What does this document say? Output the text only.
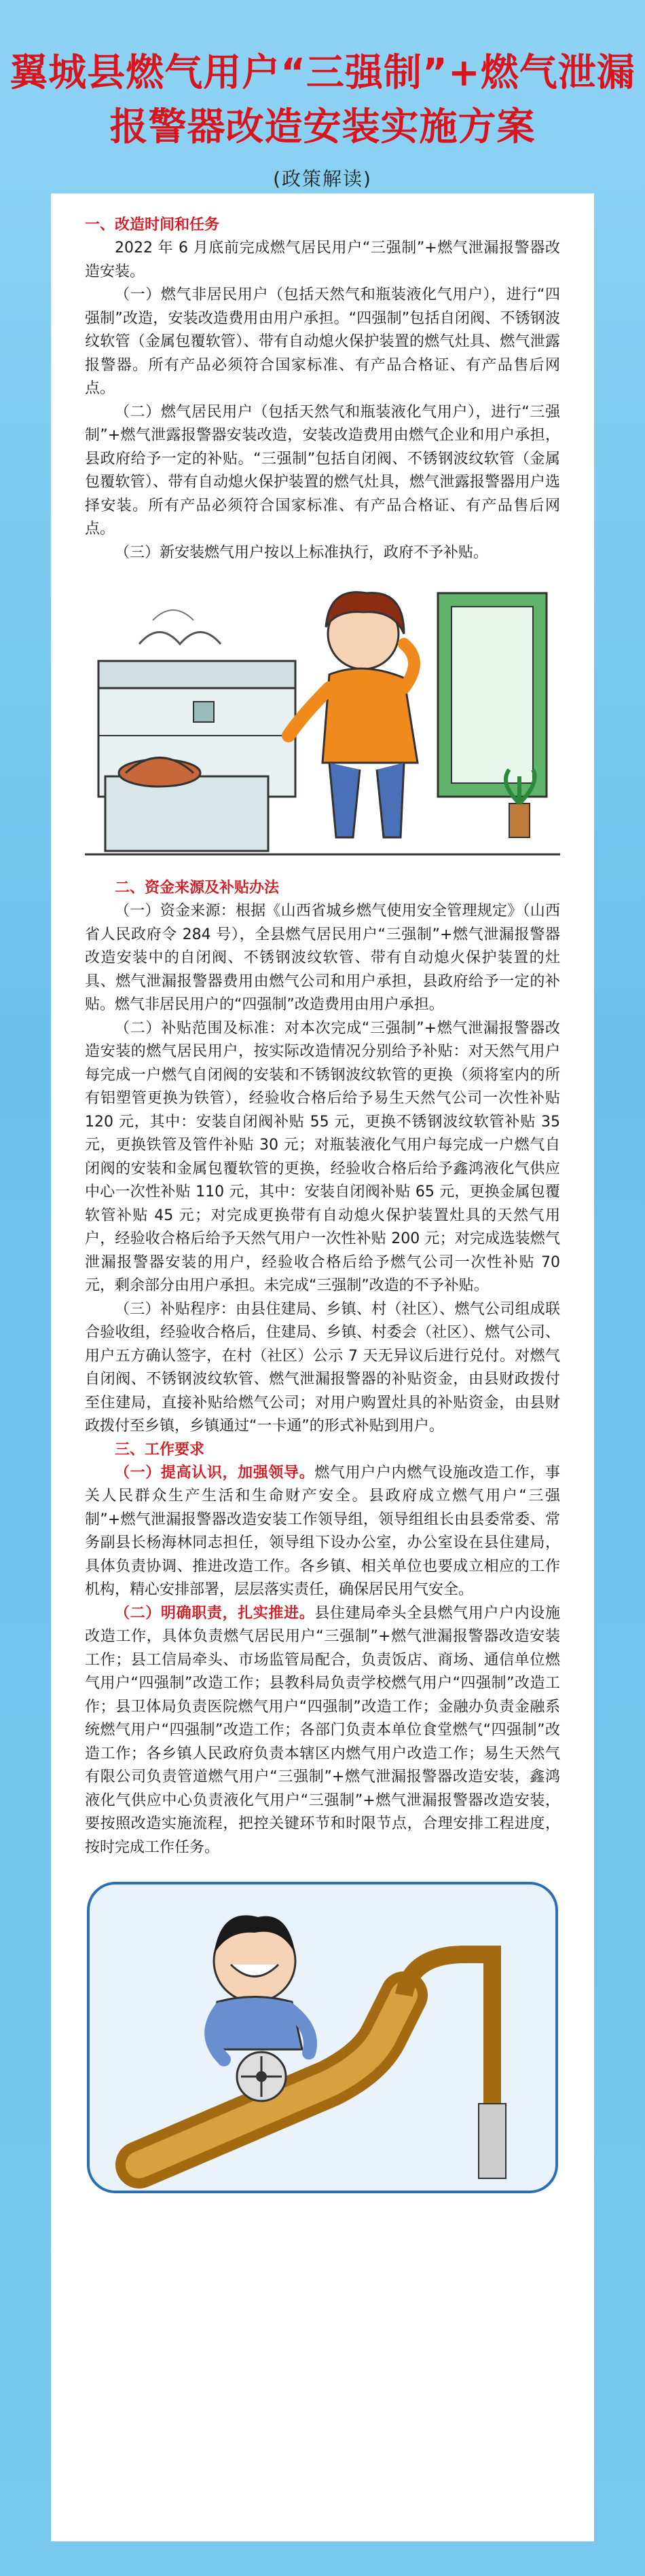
翼城县燃气用户“三强制”+燃气泄漏
报警器改造安装实施方案
(政策解读)
一、改造时间和任务

2022 年 6 月底前完成燃气居民用户“三强制”+燃气泄漏报警器改造安装。

（一）燃气非居民用户（包括天然气和瓶装液化气用户），进行“四强制”改造，安装改造费用由用户承担。“四强制”包括自闭阀、不锈钢波纹软管（金属包覆软管）、带有自动熄火保护装置的燃气灶具、燃气泄露报警器。所有产品必须符合国家标准、有产品合格证、有产品售后网点。

（二）燃气居民用户（包括天然气和瓶装液化气用户），进行“三强制”+燃气泄露报警器安装改造，安装改造费用由燃气企业和用户承担，县政府给予一定的补贴。“三强制”包括自闭阀、不锈钢波纹软管（金属包覆软管）、带有自动熄火保护装置的燃气灶具，燃气泄露报警器用户选择安装。所有产品必须符合国家标准、有产品合格证、有产品售后网点。

（三）新安装燃气用户按以上标准执行，政府不予补贴。

二、资金来源及补贴办法

（一）资金来源：根据《山西省城乡燃气使用安全管理规定》（山西省人民政府令 284 号），全县燃气居民用户“三强制”+燃气泄漏报警器改造安装中的自闭阀、不锈钢波纹软管、带有自动熄火保护装置的灶具、燃气泄漏报警器费用由燃气公司和用户承担，县政府给予一定的补贴。燃气非居民用户的“四强制”改造费用由用户承担。

（二）补贴范围及标准：对本次完成“三强制”+燃气泄漏报警器改造安装的燃气居民用户，按实际改造情况分别给予补贴：对天然气用户每完成一户燃气自闭阀的安装和不锈钢波纹软管的更换（须将室内的所有铝塑管更换为铁管），经验收合格后给予易生天然气公司一次性补贴 120 元，其中：安装自闭阀补贴 55 元，更换不锈钢波纹软管补贴 35 元，更换铁管及管件补贴 30 元；对瓶装液化气用户每完成一户燃气自闭阀的安装和金属包覆软管的更换，经验收合格后给予鑫鸿液化气供应中心一次性补贴 110 元，其中：安装自闭阀补贴 65 元，更换金属包覆软管补贴 45 元；对完成更换带有自动熄火保护装置灶具的天然气用户，经验收合格后给予天然气用户一次性补贴 200 元；对完成选装燃气泄漏报警器安装的用户，经验收合格后给予燃气公司一次性补贴 70 元，剩余部分由用户承担。未完成“三强制”改造的不予补贴。

（三）补贴程序：由县住建局、乡镇、村（社区）、燃气公司组成联合验收组，经验收合格后，住建局、乡镇、村委会（社区）、燃气公司、用户五方确认签字，在村（社区）公示 7 天无异议后进行兑付。对燃气自闭阀、不锈钢波纹软管、燃气泄漏报警器的补贴资金，由县财政拨付至住建局，直接补贴给燃气公司；对用户购置灶具的补贴资金，由县财政拨付至乡镇，乡镇通过“一卡通”的形式补贴到用户。

三、工作要求

（一）提高认识，加强领导。燃气用户户内燃气设施改造工作，事关人民群众生产生活和生命财产安全。县政府成立燃气用户“三强制”+燃气泄漏报警器改造安装工作领导组，领导组组长由县委常委、常务副县长杨海林同志担任，领导组下设办公室，办公室设在县住建局，具体负责协调、推进改造工作。各乡镇、相关单位也要成立相应的工作机构，精心安排部署，层层落实责任，确保居民用气安全。

（二）明确职责，扎实推进。县住建局牵头全县燃气用户户内设施改造工作，具体负责燃气居民用户“三强制”+燃气泄漏报警器改造安装工作；县工信局牵头、市场监管局配合，负责饭店、商场、通信单位燃气用户“四强制”改造工作；县教科局负责学校燃气用户“四强制”改造工作；县卫体局负责医院燃气用户“四强制”改造工作；金融办负责金融系统燃气用户“四强制”改造工作；各部门负责本单位食堂燃气“四强制”改造工作；各乡镇人民政府负责本辖区内燃气用户改造工作；易生天然气有限公司负责管道燃气用户“三强制”+燃气泄漏报警器改造安装，鑫鸿液化气供应中心负责液化气用户“三强制”+燃气泄漏报警器改造安装，要按照改造实施流程，把控关键环节和时限节点，合理安排工程进度，按时完成工作任务。
